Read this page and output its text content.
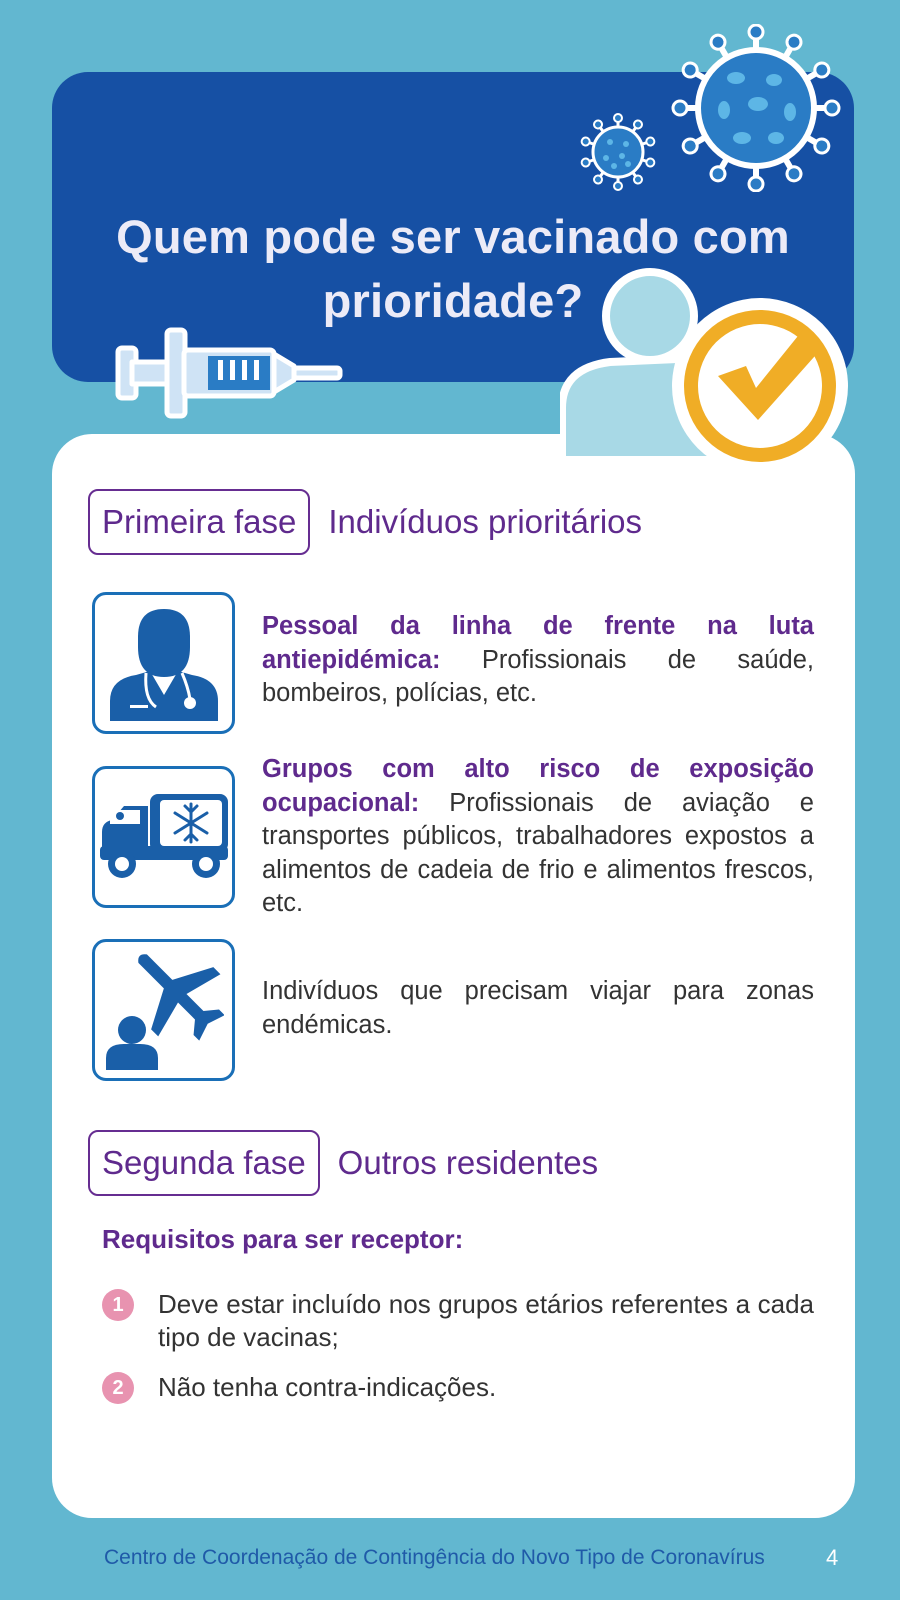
Quem pode ser vacinado com
prioridade?
Primeira fase Indivíduos prioritários
Pessoal da linha de frente na luta antiepidémica: Profissionais de saúde, bombeiros, polícias, etc.
Grupos com alto risco de exposição ocupacional: Profissionais de aviação e transportes públicos, trabalhadores expostos a alimentos de cadeia de frio e alimentos frescos, etc.
Indivíduos que precisam viajar para zonas endémicas.
Segunda fase Outros residentes
Requisitos para ser receptor:
1	Deve estar incluído nos grupos etários referentes a cada tipo de vacinas;
2	Não tenha contra-indicações.
Centro de Coordenação de Contingência do Novo Tipo de Coronavírus	4
